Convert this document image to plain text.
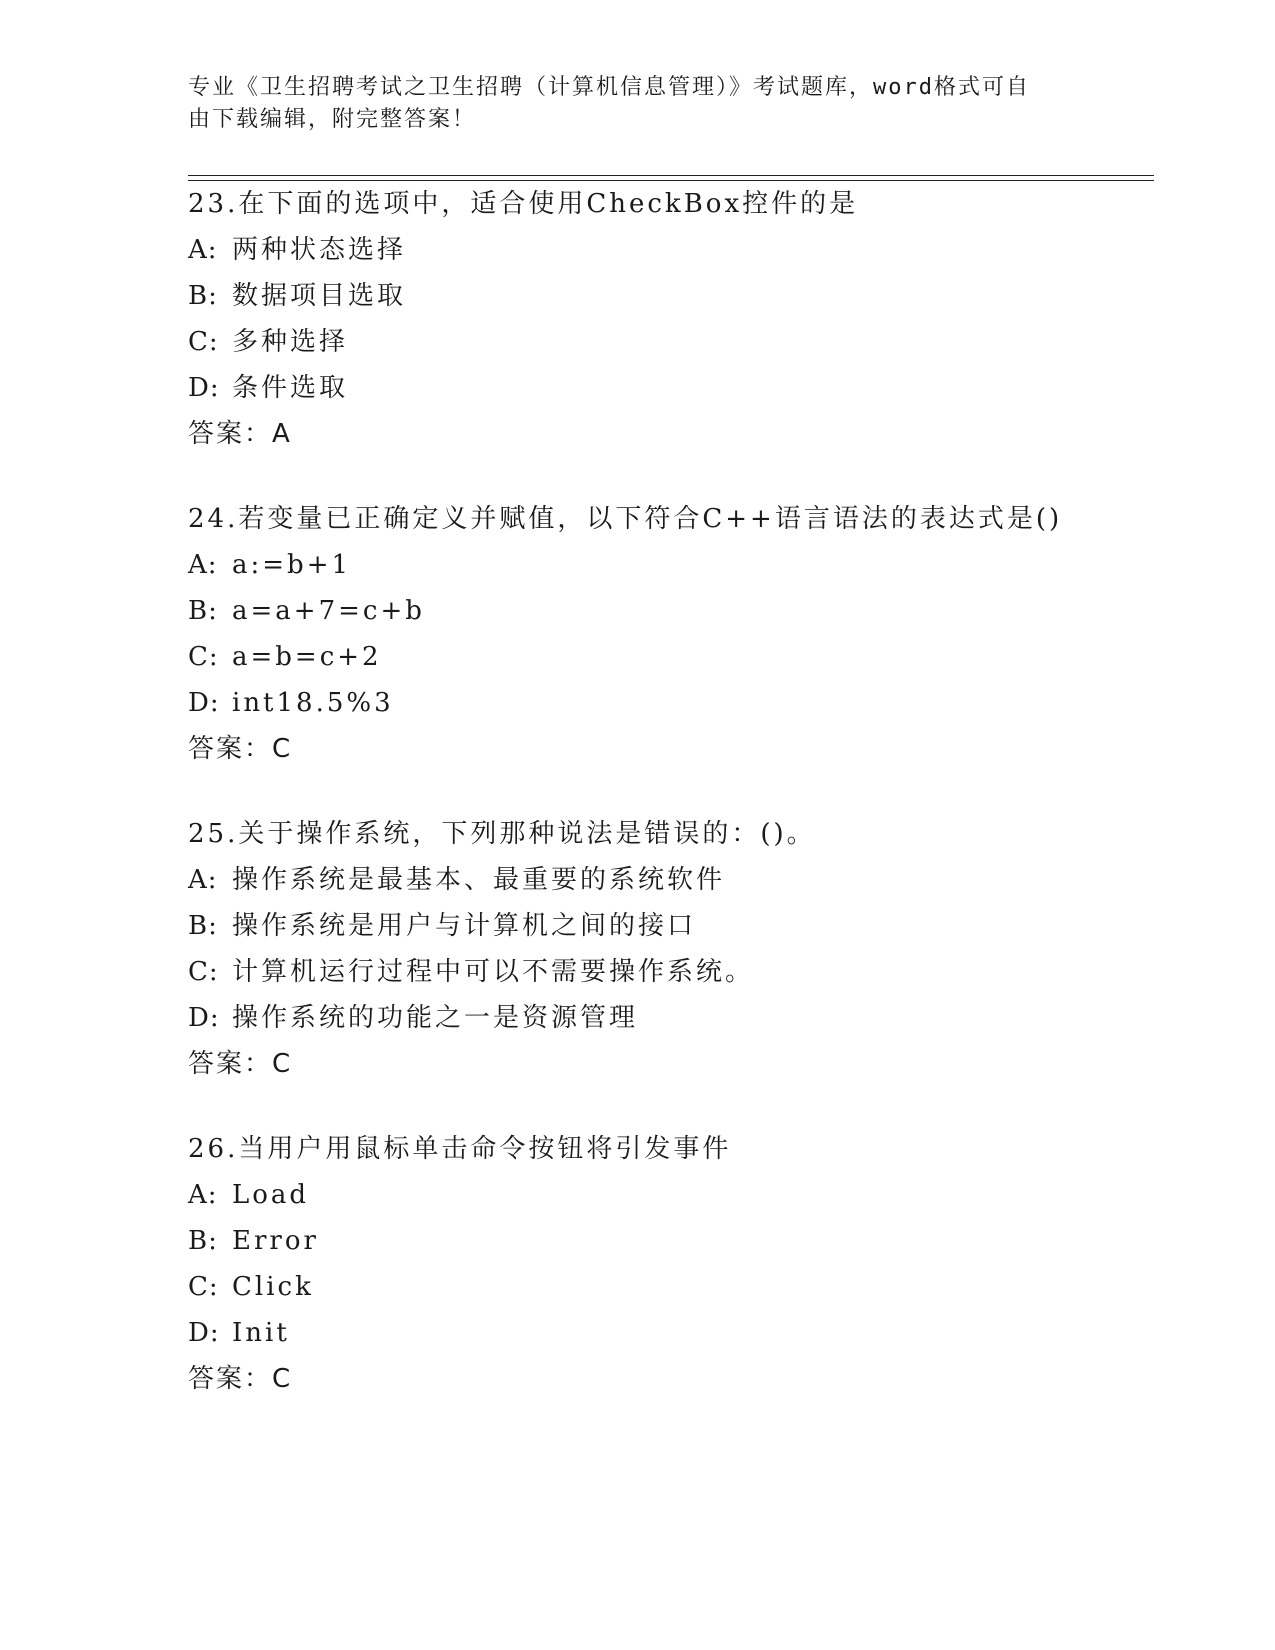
专业《卫生招聘考试之卫生招聘（计算机信息管理）》考试题库，word格式可自
由下载编辑，附完整答案！
23.在下面的选项中，适合使用CheckBox控件的是
A: 两种状态选择
B: 数据项目选取
C: 多种选择
D: 条件选取
答案：A
24.若变量已正确定义并赋值，以下符合C++语言语法的表达式是()
A: a:=b+1
B: a=a+7=c+b
C: a=b=c+2
D: int18.5%3
答案：C
25.关于操作系统，下列那种说法是错误的：()。
A: 操作系统是最基本、最重要的系统软件
B: 操作系统是用户与计算机之间的接口
C: 计算机运行过程中可以不需要操作系统。
D: 操作系统的功能之一是资源管理
答案：C
26.当用户用鼠标单击命令按钮将引发事件
A: Load
B: Error
C: Click
D: Init
答案：C
